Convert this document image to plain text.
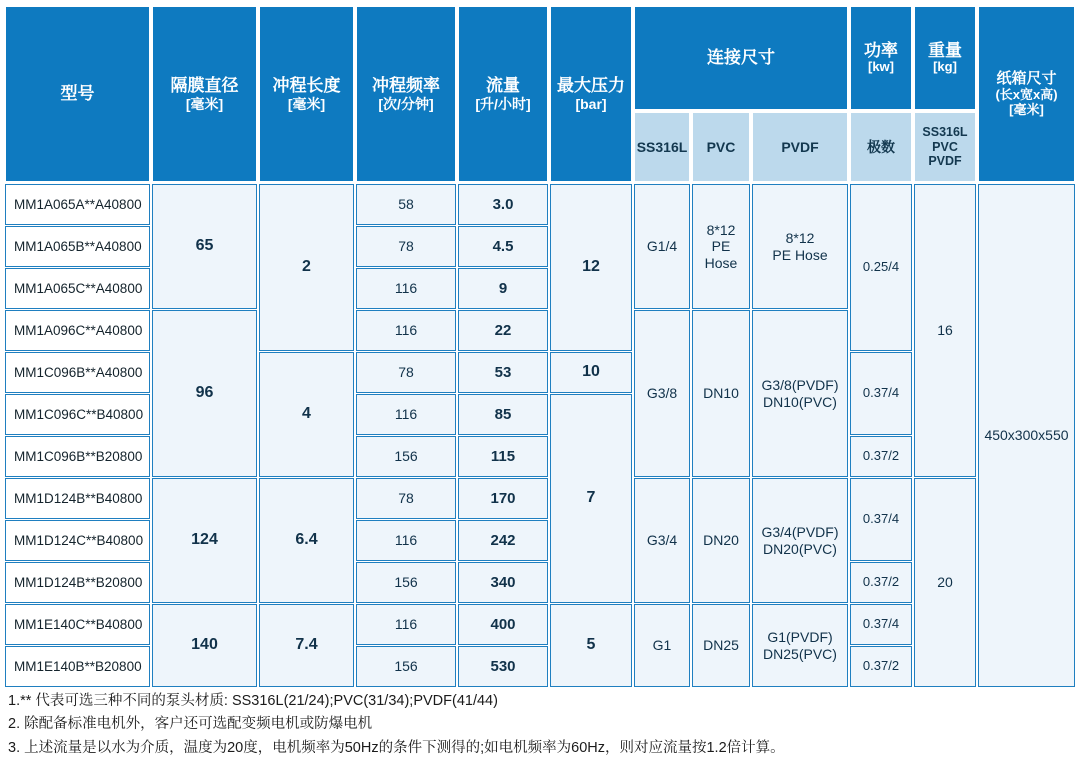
型号	隔膜直径
[毫米]
冲程长度
[毫米]
冲程频率
[次/分钟]
流量
[升/小时]
最大压力
[bar]
连接尺寸
SS316L PVC	PVDF
功率
[kw]
极数
重量
[kg]
SS316L
PVC
PVDF
纸箱尺寸
(长x宽x高)
[毫米]
MM1A065A**A40800
MM1A065B**A40800
MM1A065C**A40800
MM1A096C**A40800
MM1C096B**A40800
MM1C096C**B40800
MM1C096B**B20800
MM1D124B**B40800
MM1D124C**B40800
MM1D124B**B20800
MM1E140C**B40800
MM1E140B**B20800
65
96
124
140
2
4
6.4
7.4
58
78
116
116
78
116
156
78
116
156
116
156
3.0
4.5
9
22
53
85
115
170
242
340
400
530
12
10
7
5
G1/4
G3/8
G3/4
G1
8*12
PE
Hose
DN10
DN20
DN25
8*12
PE Hose
G3/8(PVDF)
DN10(PVC)
G3/4(PVDF)
DN20(PVC)
G1(PVDF)
DN25(PVC)
0.25/4
0.37/4
0.37/2
0.37/4
0.37/2
0.37/4
0.37/2
16
20
450x300x550
1.** 代表可选三种不同的泵头材质: SS316L(21/24);PVC(31/34);PVDF(41/44)
2. 除配备标准电机外，客户还可选配变频电机或防爆电机
3. 上述流量是以水为介质，温度为20度，电机频率为50Hz的条件下测得的;如电机频率为60Hz，则对应流量按1.2倍计算。
